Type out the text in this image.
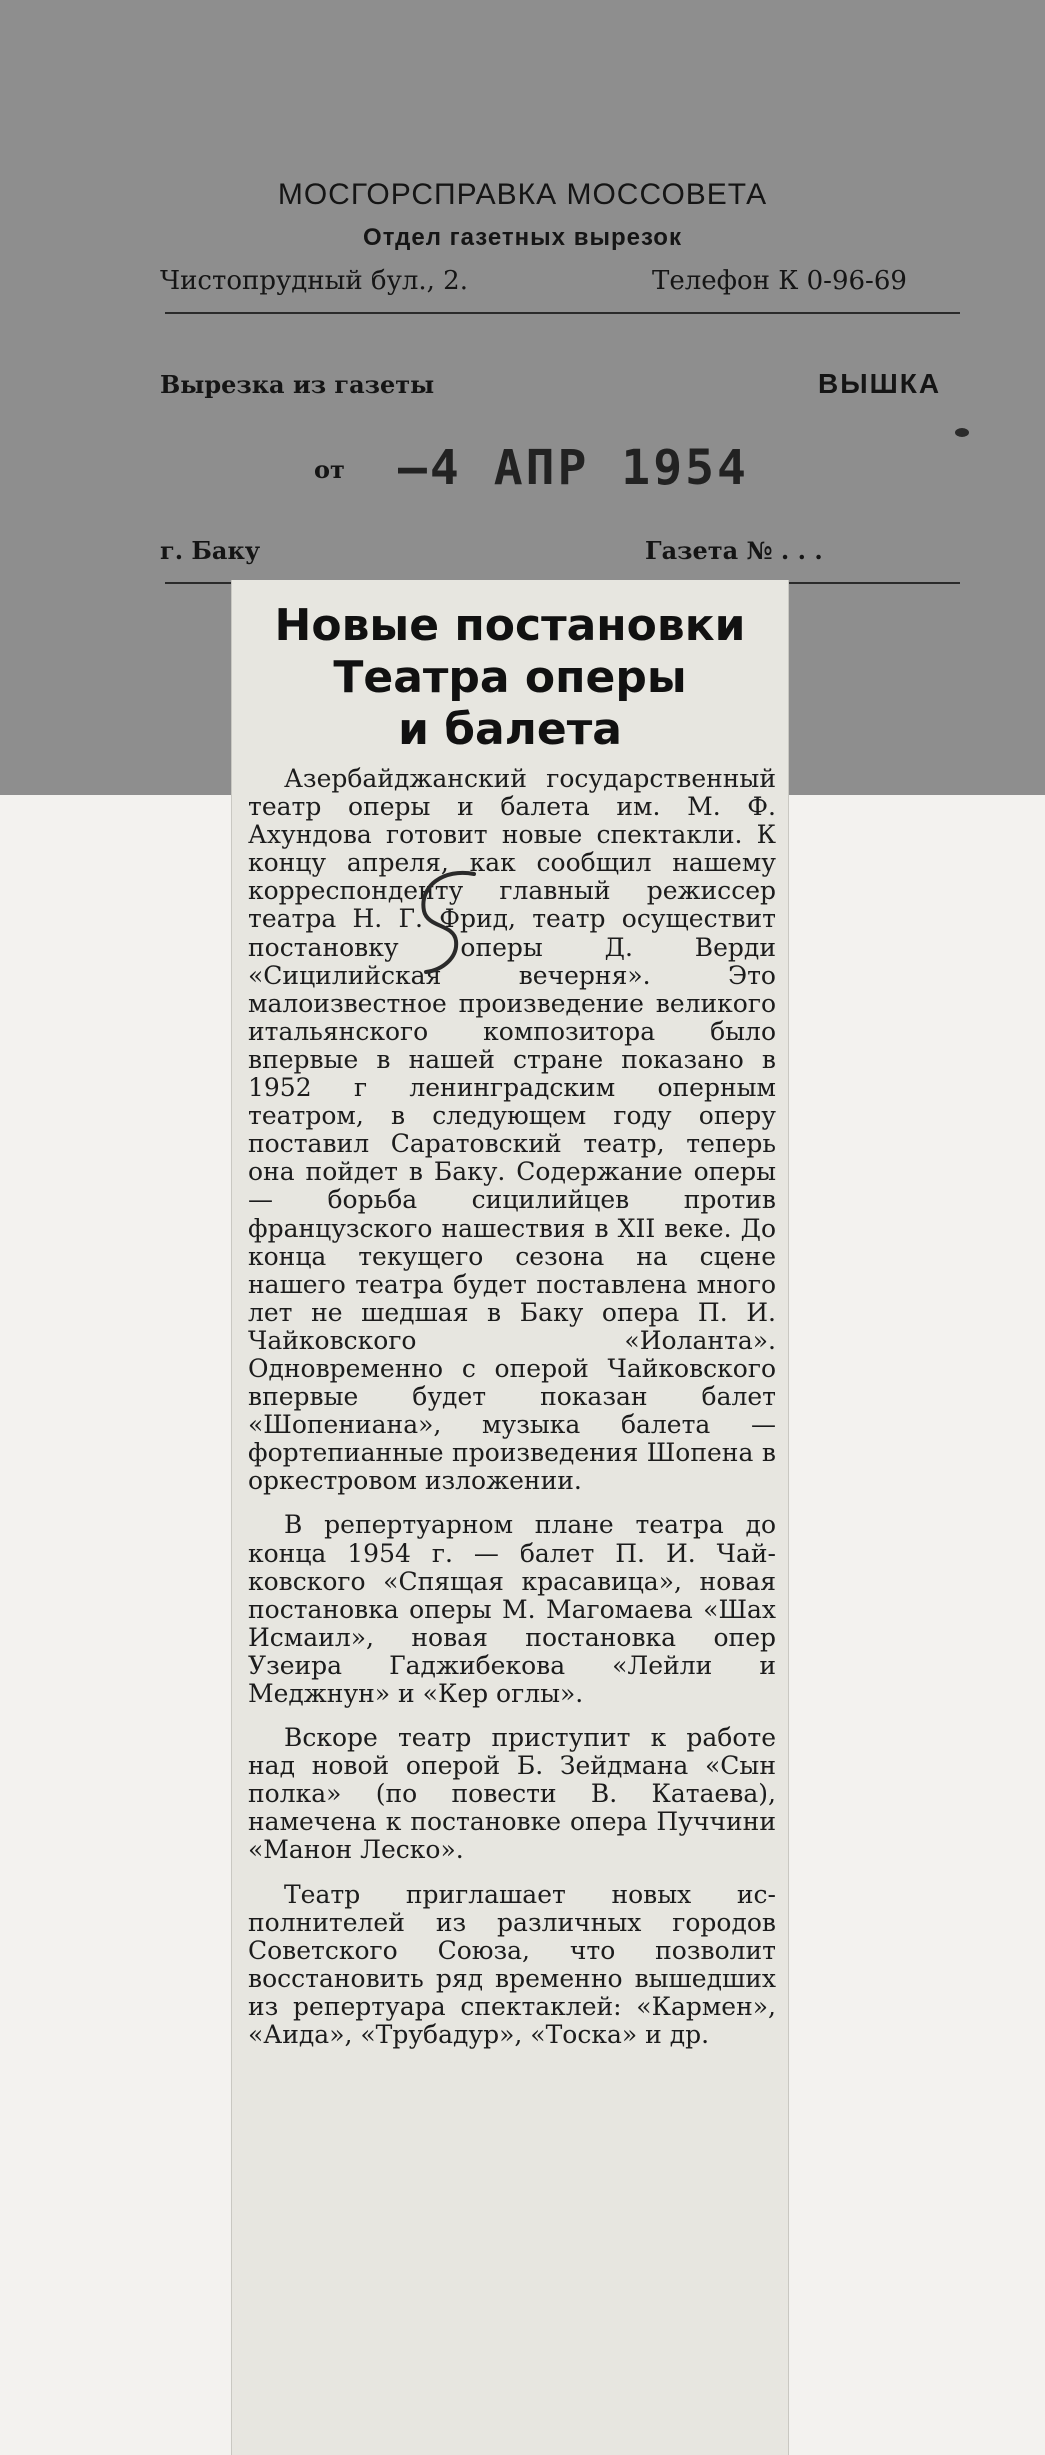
МОСГОРСПРАВКА МОССОВЕТА
Отдел газетных вырезок
Чистопрудный бул., 2.	Телефон К 0-96-69
Вырезка из газеты	ВЫШКА
от –4 АПР 1954
г. Баку	Газета № . . .
Новые постановки
Театра оперы
и балета

Азербайджанский государственный театр оперы и балета им. М. Ф. Ахундова готовит новые спектакли. К концу апреля, как сообщил нашему корреспонденту главный режиссер театра Н. Г. Фрид, театр осуществит постановку оперы Д. Верди «Сицилийская вечерня». Это малоизвестное произведение великого итальянского композитора было впервые в нашей стране показано в 1952 г ленинградским оперным театром, в следующем году оперу поставил Саратовский театр, теперь она пойдет в Баку. Содержание оперы — борьба сицилийцев против французского нашествия в XII веке. До конца текущего сезона на сцене нашего театра будет поставлена много лет не шедшая в Баку опера П. И. Чайковского «Иоланта». Одновременно с оперой Чайковского впервые будет показан балет «Шопениана», музыка балета — фортепианные произведения Шопена в оркестровом изложении.

В репертуарном плане театра до конца 1954 г. — балет П. И. Чайковского «Спящая красавица», новая постановка оперы М. Магомаева «Шах Исмаил», новая постановка опер Узеира Гаджибекова «Лейли и Меджнун» и «Кер оглы».

Вскоре театр приступит к работе над новой оперой Б. Зейдмана «Сын полка» (по повести В. Катаева), намечена к постановке опера Пуччини «Манон Леско».

Театр приглашает новых исполнителей из различных городов Советского Союза, что позволит восстановить ряд временно вышедших из репертуара спектаклей: «Кармен», «Аида», «Трубадур», «Тоска» и др.
